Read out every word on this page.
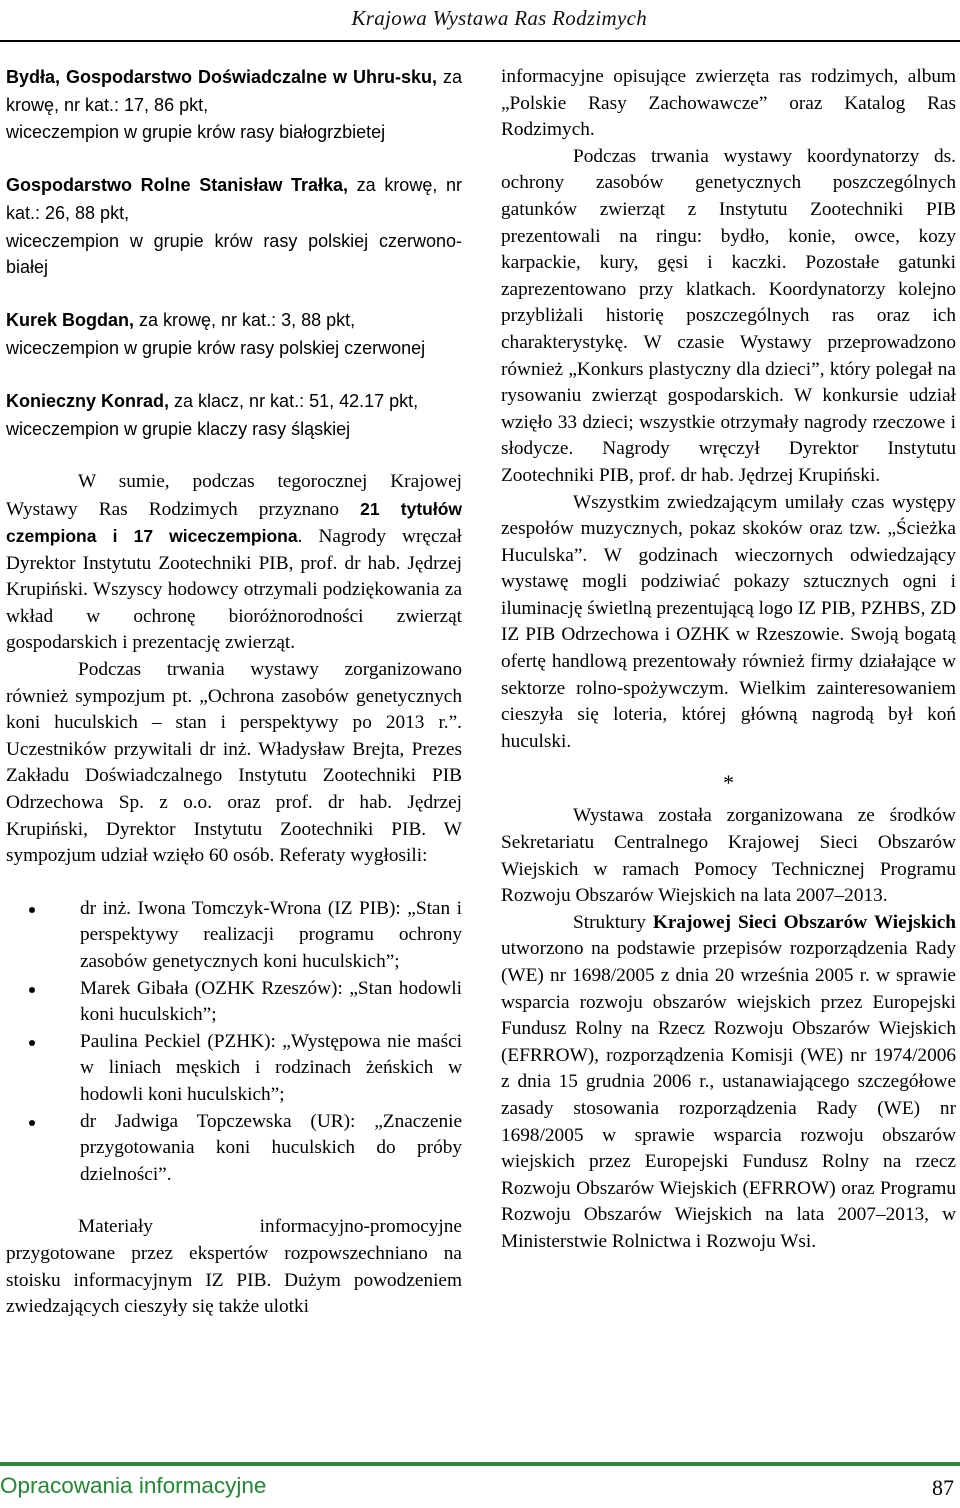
Krajowa Wystawa Ras Rodzimych
Bydła, Gospodarstwo Doświadczalne w Uhru-sku, za krowę, nr kat.: 17, 86 pkt,
wiceczempion w grupie krów rasy białogrzbietej
Gospodarstwo Rolne Stanisław Trałka, za krowę, nr kat.: 26, 88 pkt,
wiceczempion w grupie krów rasy polskiej czerwono-białej
Kurek Bogdan, za krowę, nr kat.: 3, 88 pkt,
wiceczempion w grupie krów rasy polskiej czerwonej
Konieczny Konrad, za klacz, nr kat.: 51, 42.17 pkt,
wiceczempion w grupie klaczy rasy śląskiej

W sumie, podczas tegorocznej Krajowej Wystawy Ras Rodzimych przyznano 21 tytułów czempiona i 17 wiceczempiona. Nagrody wręczał Dyrektor Instytutu Zootechniki PIB, prof. dr hab. Jędrzej Krupiński. Wszyscy hodowcy otrzymali podziękowania za wkład w ochronę bioróżnorodności zwierząt gospodarskich i prezentację zwierząt.

Podczas trwania wystawy zorganizowano również sympozjum pt. „Ochrona zasobów genetycznych koni huculskich – stan i perspektywy po 2013 r.”. Uczestników przywitali dr inż. Władysław Brejta, Prezes Zakładu Doświadczalnego Instytutu Zootechniki PIB Odrzechowa Sp. z o.o. oraz prof. dr hab. Jędrzej Krupiński, Dyrektor Instytutu Zootechniki PIB. W sympozjum udział wzięło 60 osób. Referaty wygłosili:

dr inż. Iwona Tomczyk-Wrona (IZ PIB): „Stan i perspektywy realizacji programu ochrony zasobów genetycznych koni huculskich”;
Marek Gibała (OZHK Rzeszów): „Stan hodowli koni huculskich”;
Paulina Peckiel (PZHK): „Występowa nie maści w liniach męskich i rodzinach żeńskich w hodowli koni huculskich”;
dr Jadwiga Topczewska (UR): „Znaczenie przygotowania koni huculskich do próby dzielności”.

Materiały informacyjno-promocyjne przygotowane przez ekspertów rozpowszechniano na stoisku informacyjnym IZ PIB. Dużym powodzeniem zwiedzających cieszyły się także ulotki

informacyjne opisujące zwierzęta ras rodzimych, album „Polskie Rasy Zachowawcze” oraz Katalog Ras Rodzimych.

Podczas trwania wystawy koordynatorzy ds. ochrony zasobów genetycznych poszczególnych gatunków zwierząt z Instytutu Zootechniki PIB prezentowali na ringu: bydło, konie, owce, kozy karpackie, kury, gęsi i kaczki. Pozostałe gatunki zaprezentowano przy klatkach. Koordynatorzy kolejno przybliżali historię poszczególnych ras oraz ich charakterystykę. W czasie Wystawy przeprowadzono również „Konkurs plastyczny dla dzieci”, który polegał na rysowaniu zwierząt gospodarskich. W konkursie udział wzięło 33 dzieci; wszystkie otrzymały nagrody rzeczowe i słodycze. Nagrody wręczył Dyrektor Instytutu Zootechniki PIB, prof. dr hab. Jędrzej Krupiński.

Wszystkim zwiedzającym umilały czas występy zespołów muzycznych, pokaz skoków oraz tzw. „Ścieżka Huculska”. W godzinach wieczornych odwiedzający wystawę mogli podziwiać pokazy sztucznych ogni i iluminację świetlną prezentującą logo IZ PIB, PZHBS, ZD IZ PIB Odrzechowa i OZHK w Rzeszowie. Swoją bogatą ofertę handlową prezentowały również firmy działające w sektorze rolno-spożywczym. Wielkim zainteresowaniem cieszyła się loteria, której główną nagrodą był koń huculski.

*

Wystawa została zorganizowana ze środków Sekretariatu Centralnego Krajowej Sieci Obszarów Wiejskich w ramach Pomocy Technicznej Programu Rozwoju Obszarów Wiejskich na lata 2007–2013.

Struktury Krajowej Sieci Obszarów Wiejskich utworzono na podstawie przepisów rozporządzenia Rady (WE) nr 1698/2005 z dnia 20 września 2005 r. w sprawie wsparcia rozwoju obszarów wiejskich przez Europejski Fundusz Rolny na Rzecz Rozwoju Obszarów Wiejskich (EFRROW), rozporządzenia Komisji (WE) nr 1974/2006 z dnia 15 grudnia 2006 r., ustanawiającego szczegółowe zasady stosowania rozporządzenia Rady (WE) nr 1698/2005 w sprawie wsparcia rozwoju obszarów wiejskich przez Europejski Fundusz Rolny na rzecz Rozwoju Obszarów Wiejskich (EFRROW) oraz Programu Rozwoju Obszarów Wiejskich na lata 2007–2013, w Ministerstwie Rolnictwa i Rozwoju Wsi.

Opracowania informacyjne	87
